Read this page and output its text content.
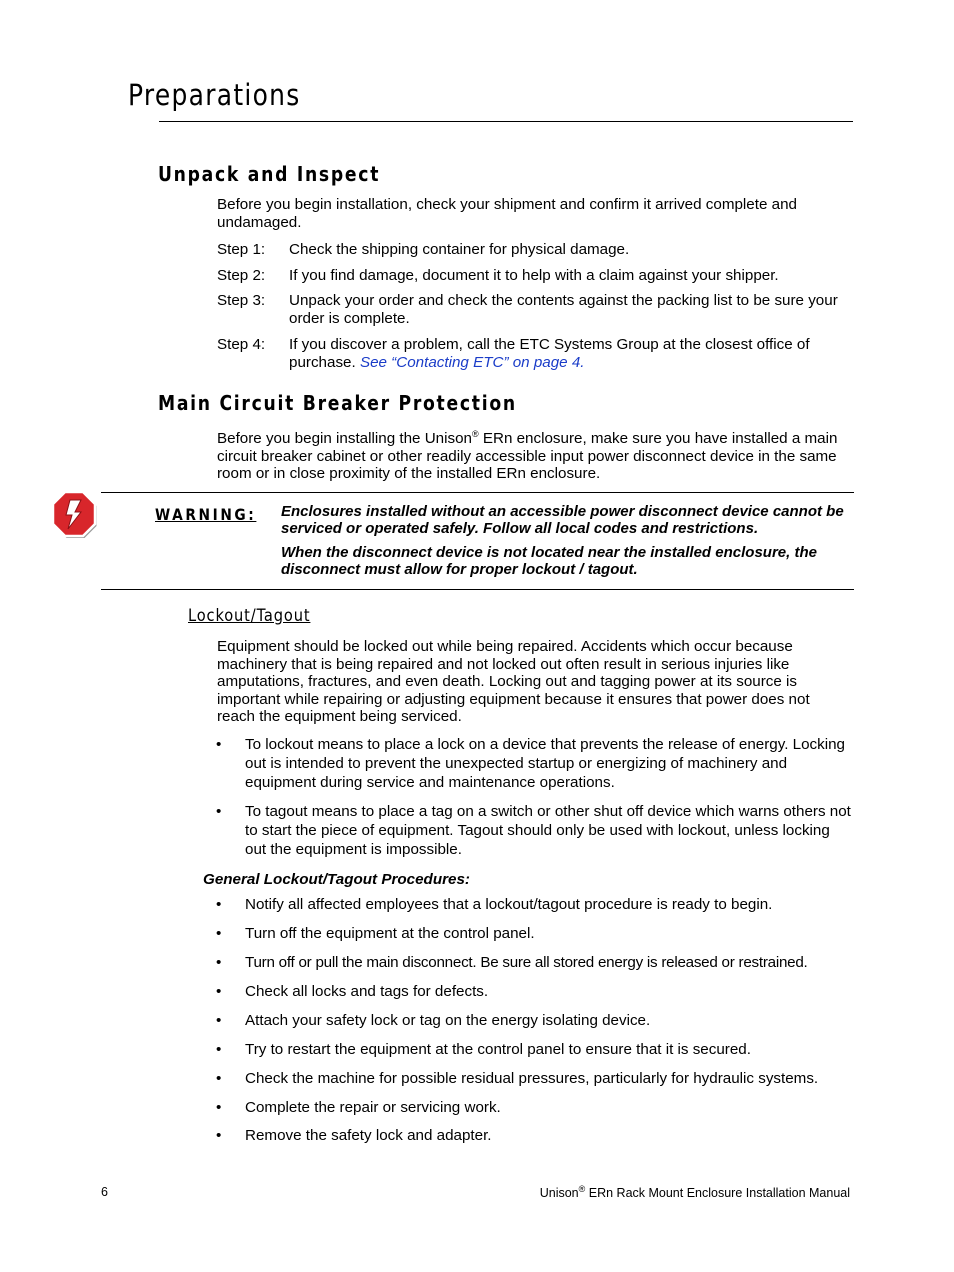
Preparations
Unpack and Inspect

Before you begin installation, check your shipment and confirm it arrived complete and undamaged.

Step 1:	Check the shipping container for physical damage.
Step 2:	If you find damage, document it to help with a claim against your shipper.
Step 3:	Unpack your order and check the contents against the packing list to be sure your order is complete.
Step 4:	If you discover a problem, call the ETC Systems Group at the closest office of purchase. See “Contacting ETC” on page 4.
Main Circuit Breaker Protection

Before you begin installing the Unison® ERn enclosure, make sure you have installed a main circuit breaker cabinet or other readily accessible input power disconnect device in the same room or in close proximity of the installed ERn enclosure.

WARNING: Enclosures installed without an accessible power disconnect device cannot be serviced or operated safely. Follow all local codes and restrictions.

When the disconnect device is not located near the installed enclosure, the disconnect must allow for proper lockout / tagout.

Lockout/Tagout

Equipment should be locked out while being repaired. Accidents which occur because machinery that is being repaired and not locked out often result in serious injuries like amputations, fractures, and even death. Locking out and tagging power at its source is important while repairing or adjusting equipment because it ensures that power does not reach the equipment being serviced.

• To lockout means to place a lock on a device that prevents the release of energy. Locking out is intended to prevent the unexpected startup or energizing of machinery and equipment during service and maintenance operations.

• To tagout means to place a tag on a switch or other shut off device which warns others not to start the piece of equipment. Tagout should only be used with lockout, unless locking out the equipment is impossible.

General Lockout/Tagout Procedures:
• Notify all affected employees that a lockout/tagout procedure is ready to begin.

• Turn off the equipment at the control panel.

• Turn off or pull the main disconnect. Be sure all stored energy is released or restrained.

• Check all locks and tags for defects.

• Attach your safety lock or tag on the energy isolating device.

• Try to restart the equipment at the control panel to ensure that it is secured.

• Check the machine for possible residual pressures, particularly for hydraulic systems.

• Complete the repair or servicing work.

• Remove the safety lock and adapter.

6	Unison® ERn Rack Mount Enclosure Installation Manual
